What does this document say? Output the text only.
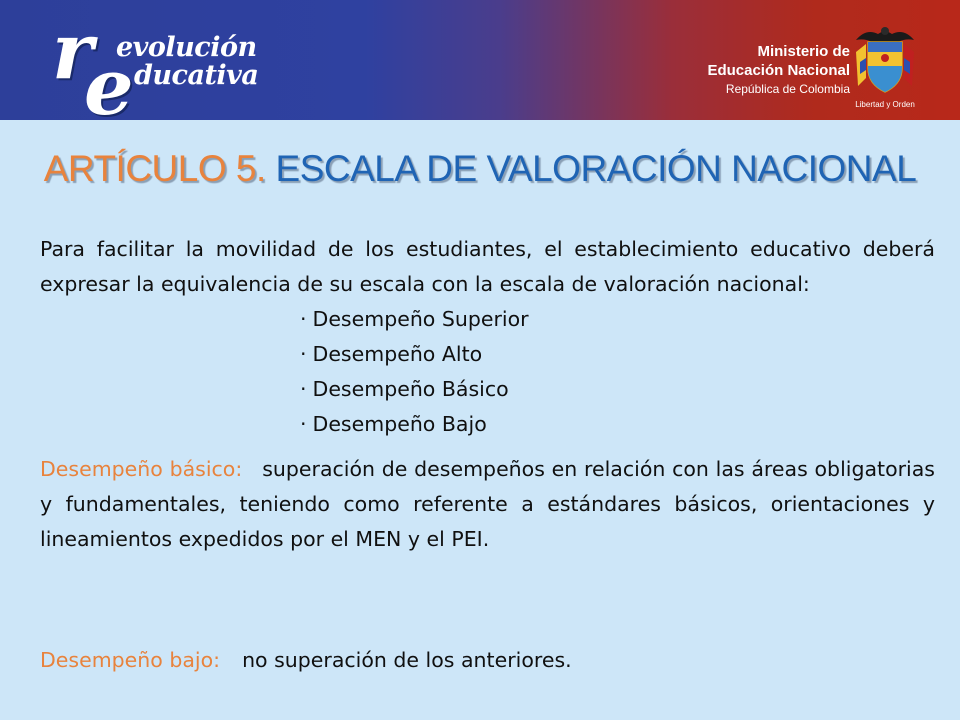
r
e
evolución
ducativa
Ministerio de
Educación Nacional
República de Colombia
Libertad y Orden
ARTÍCULO 5. ESCALA DE VALORACIÓN NACIONAL

Para facilitar la movilidad de los estudiantes, el establecimiento educativo deberá expresar la equivalencia de su escala con la escala de valoración nacional:

· Desempeño Superior
· Desempeño Alto
· Desempeño Básico
· Desempeño Bajo

Desempeño básico: superación de desempeños en relación con las áreas obligatorias y fundamentales, teniendo como referente a estándares básicos, orientaciones y lineamientos expedidos por el MEN y el PEI.

Desempeño bajo: no superación de los anteriores.
